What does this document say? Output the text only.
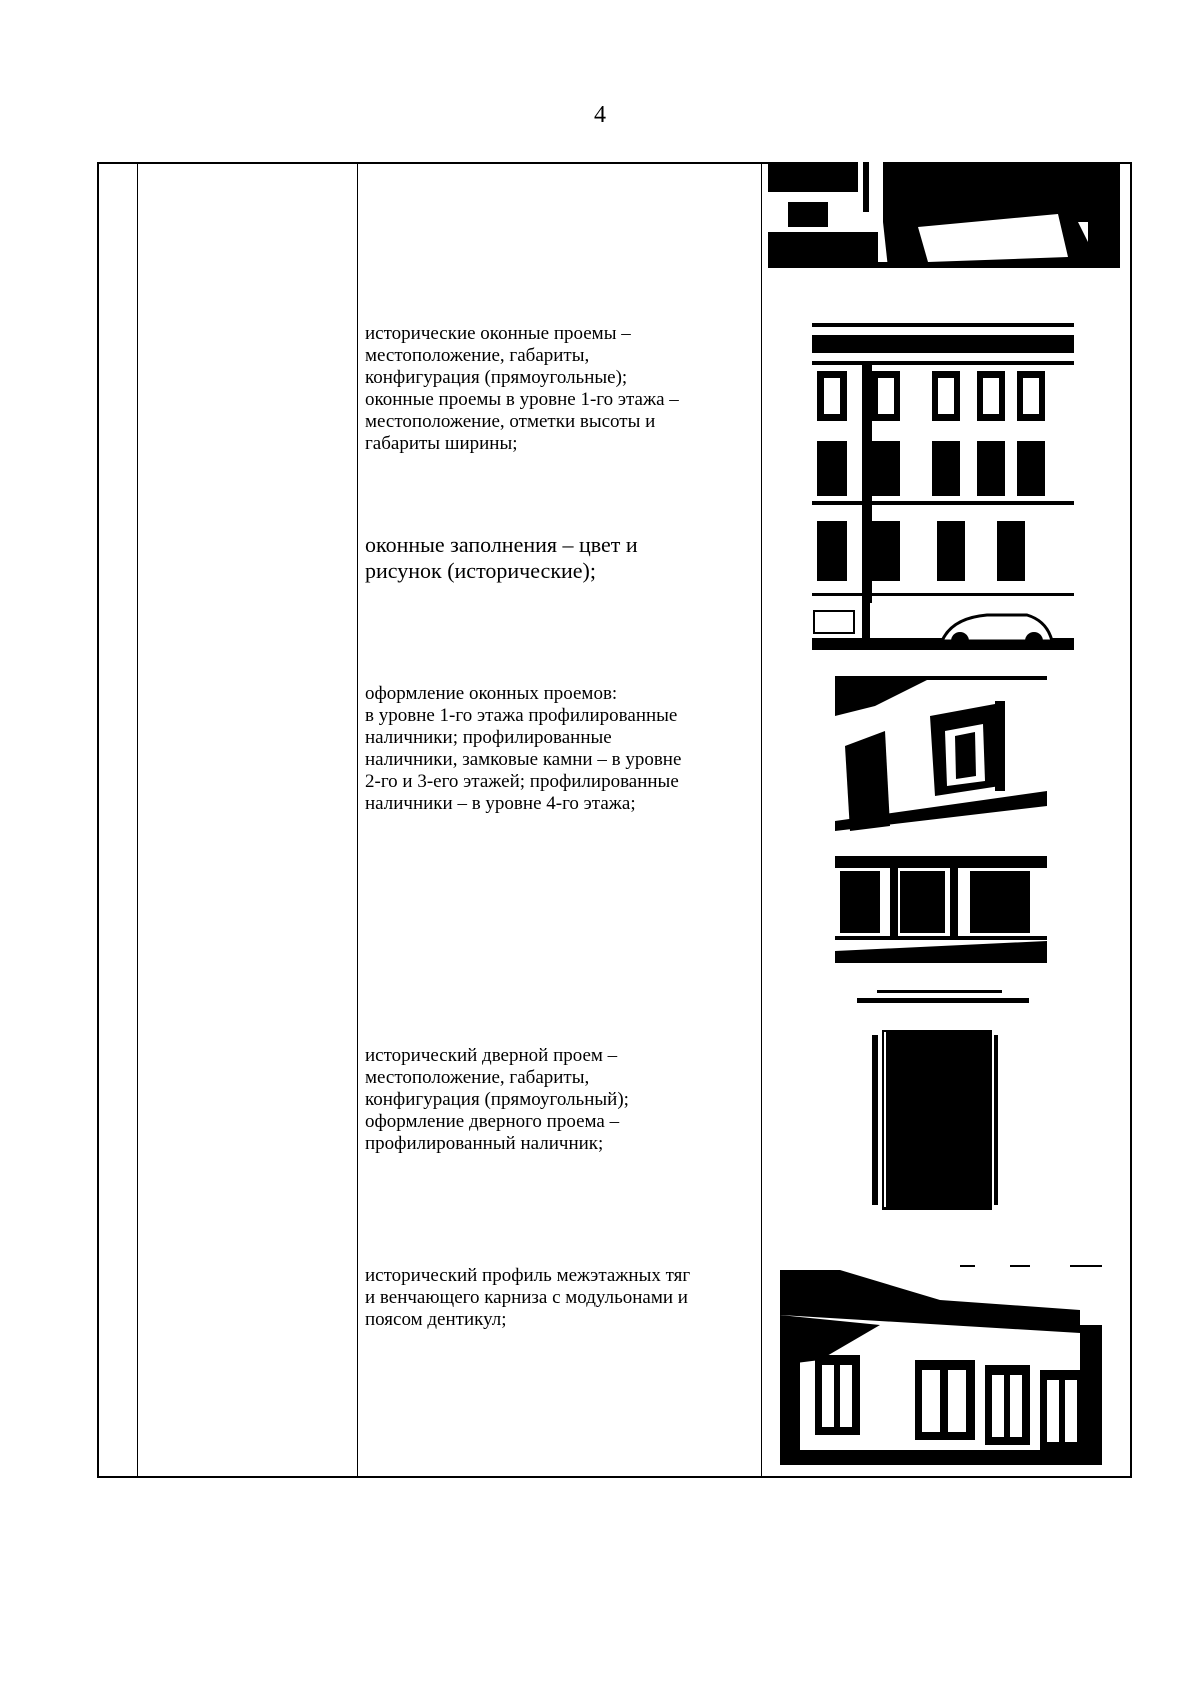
4
исторические оконные проемы –
местоположение, габариты,
конфигурация (прямоугольные);
оконные проемы в уровне 1-го этажа –
местоположение, отметки высоты и
габариты ширины;
оконные заполнения – цвет и
рисунок (исторические);
оформление оконных проемов:
в уровне 1-го этажа профилированные
наличники; профилированные
наличники, замковые камни – в уровне
2-го и 3-его этажей; профилированные
наличники – в уровне 4-го этажа;
исторический дверной проем –
местоположение, габариты,
конфигурация (прямоугольный);
оформление дверного проема –
профилированный наличник;
исторический профиль межэтажных тяг
и венчающего карниза с модульонами и
поясом дентикул;
